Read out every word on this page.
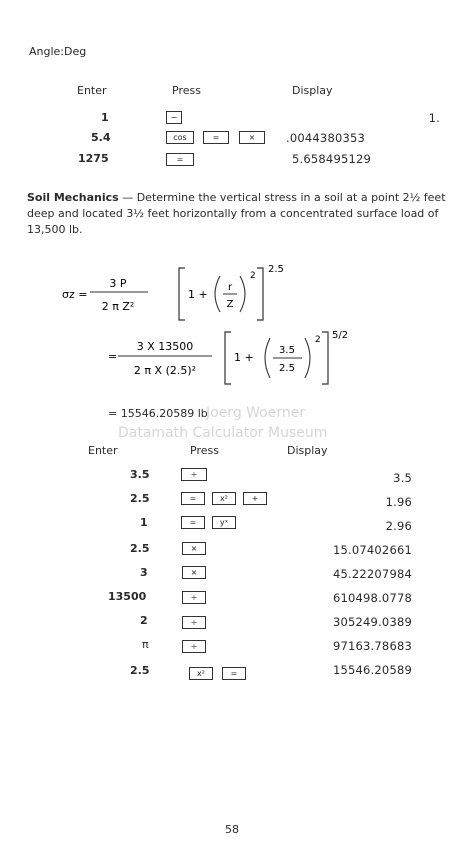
Angle:Deg
Enter	Press	Display
1	−	1.
5.4	cos	=	×	.0044380353
1275	=	5.658495129
Soil Mechanics — Determine the vertical stress in a soil at a point 2½ feet deep and located 3½ feet horizontally from a concentrated surface load of 13,500 lb.
σz =
3 P
2 π Z²
1 +
r
Z
2
2.5
=
3 X 13500
2 π X (2.5)²
1 +
3.5
2.5
2 5/2
= 15546.20589 lb
Joerg Woerner
Datamath Calculator Museum
Enter	Press	Display
3.5	÷	3.5
2.5	=	x²	+	1.96
1	=	yˣ	2.96
2.5	×	15.07402661
3	×	45.22207984
13500	÷	610498.0778
2	÷	305249.0389
π	÷	97163.78683
2.5	x²	=	15546.20589
58
